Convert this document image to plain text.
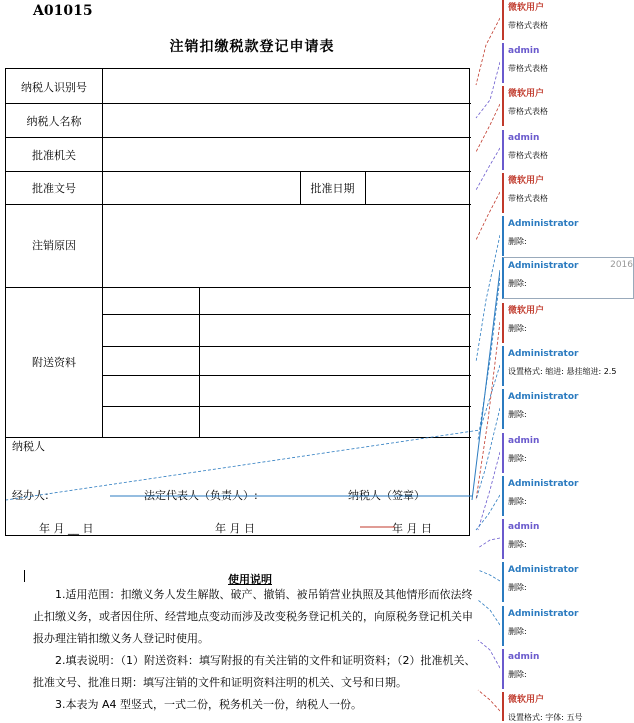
A01015
注销扣缴税款登记申请表
纳税人识别号
纳税人名称
批准机关
批准文号	批准日期
注销原因
附送资料
纳税人
经办人:	法定代表人（负责人）:	纳税人（签章）
年 月 __ 日	年 月 日	年 月 日
使用说明
1.适用范围：扣缴义务人发生解散、破产、撤销、被吊销营业执照及其他情形而依法终止扣缴义务，或者因住所、经营地点变动而涉及改变税务登记机关的，向原税务登记机关申报办理注销扣缴义务人登记时使用。
2.填表说明：（1）附送资料：填写附报的有关注销的文件和证明资料；（2）批准机关、批准文号、批准日期：填写注销的文件和证明资料注明的机关、文号和日期。
3.本表为 A4 型竖式，一式二份，税务机关一份，纳税人一份。
微软用户
带格式表格
admin
带格式表格
微软用户
带格式表格
admin
带格式表格
微软用户
带格式表格
Administrator
删除:
Administrator	2016
删除:
微软用户
删除:
Administrator
设置格式: 缩进: 悬挂缩进: 2.5
Administrator
删除:
admin
删除:
Administrator
删除:
admin
删除:
Administrator
删除:
Administrator
删除:
admin
删除:
微软用户
设置格式: 字体: 五号
